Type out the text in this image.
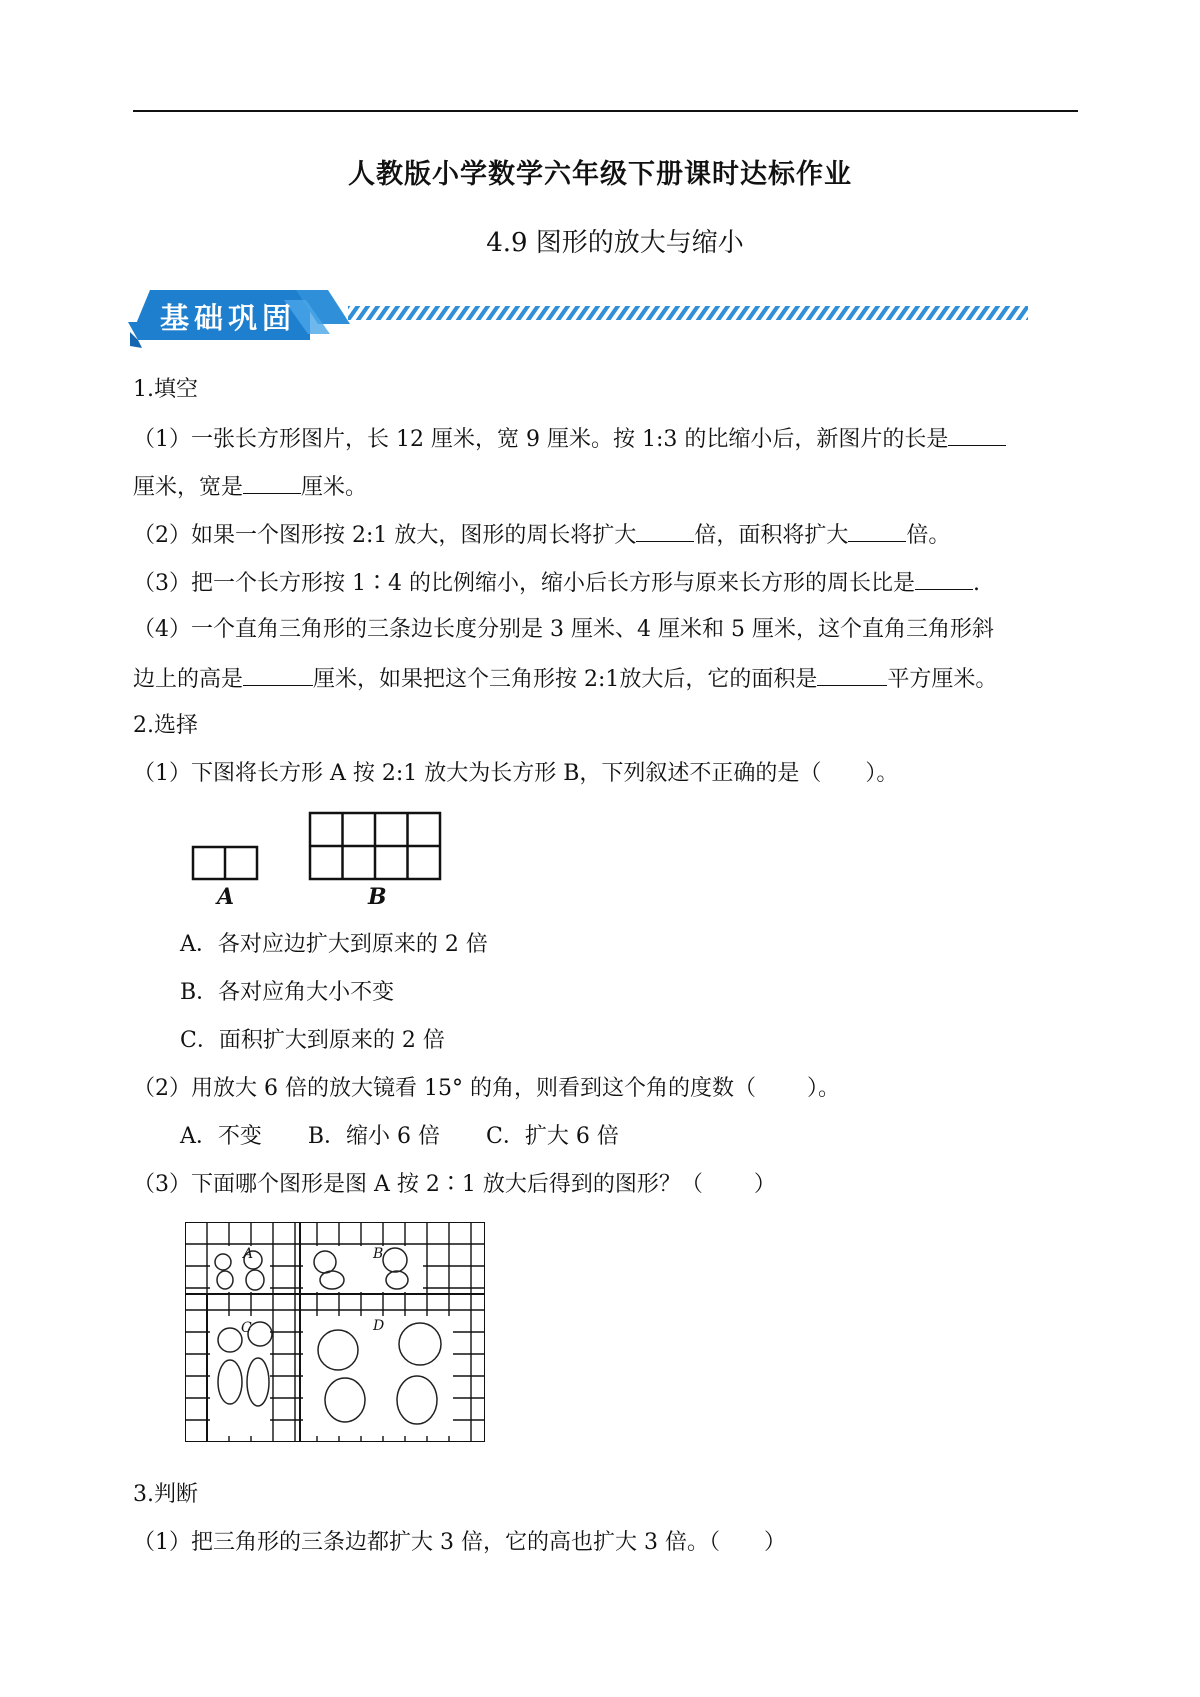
人教版小学数学六年级下册课时达标作业
4.9 图形的放大与缩小
基础巩固
1.填空
（1）一张长方形图片，长 12 厘米，宽 9 厘米。按 1:3 的比缩小后，新图片的长是
厘米，宽是	厘米。
（2）如果一个图形按 2:1 放大，图形的周长将扩大	倍，面积将扩大	倍。
（3）把一个长方形按 1∶4 的比例缩小，缩小后长方形与原来长方形的周长比是	.
（4）一个直角三角形的三条边长度分别是 3 厘米、4 厘米和 5 厘米，这个直角三角形斜
边上的高是	厘米，如果把这个三角形按 2:1放大后，它的面积是	平方厘米。
2.选择
（1）下图将长方形 A 按 2:1 放大为长方形 B，下列叙述不正确的是（　　）。
A	B
A．各对应边扩大到原来的 2 倍
B．各对应角大小不变
C．面积扩大到原来的 2 倍
（2）用放大 6 倍的放大镜看 15° 的角，则看到这个角的度数（　　 ）。
A．不变 B．缩小 6 倍 C．扩大 6 倍
（3）下面哪个图形是图 A 按 2∶1 放大后得到的图形？（　　 ）
A	B
C	D
3.判断
（1）把三角形的三条边都扩大 3 倍，它的高也扩大 3 倍。（　　）
